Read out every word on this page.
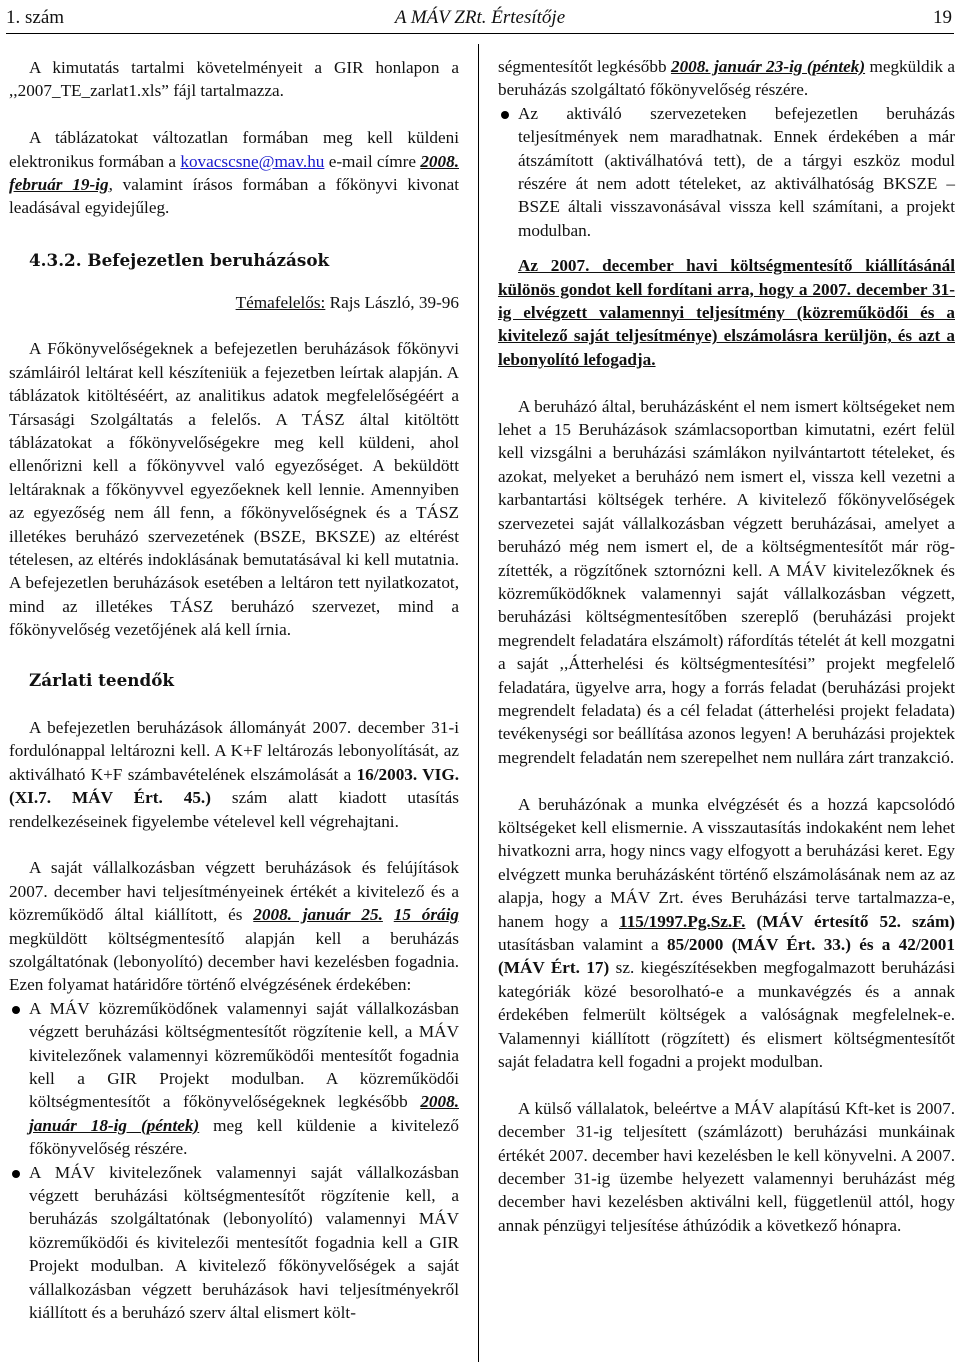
1. szám	A MÁV ZRt. Értesítője	19

A kimutatás tartalmi követelményeit a GIR honlapon a ,,2007_TE_zarlat1.xls” fájl tartalmazza.

A táblázatokat változatlan formában meg kell küldeni elektronikus formában a kovacscsne@mav.hu e-mail címre 2008. február 19-ig, valamint írásos formában a főkönyvi kivonat leadásával egyidejűleg.

4.3.2. Befejezetlen beruházások

Témafelelős: Rajs László, 39-96

A Főkönyvelőségeknek a befejezetlen beruházások főkönyvi számláiról leltárat kell készíteniük a fejezetben leírtak alapján. A táblázatok kitöltéséért, az analitikus adatok megfelelőségéért a Társasági Szolgáltatás a felelős. A TÁSZ által kitöltött táblázatokat a főkönyvelőségekre meg kell küldeni, ahol ellenőrizni kell a főkönyvvel való egyezőséget. A beküldött leltáraknak a főkönyvvel egyezőeknek kell lennie. Amennyiben az egyezőség nem áll fenn, a főkönyvelőségnek és a TÁSZ illetékes beruházó szervezetének (BSZE, BKSZE) az eltérést tételesen, az eltérés indoklásának bemutatásával ki kell mutatnia. A befejezetlen beruházások esetében a leltáron tett nyilatkozatot, mind az illetékes TÁSZ beruházó szervezet, mind a főkönyvelőség vezetőjének alá kell írnia.

Zárlati teendők

A befejezetlen beruházások állományát 2007. december 31-i fordulónappal leltározni kell. A K+F leltározás lebonyolítását, az aktiválható K+F számbavételének elszámolását a 16/2003. VIG. (XI.7. MÁV Ért. 45.) szám alatt kiadott utasítás rendelkezéseinek figyelembe vételevel kell végrehajtani.

A saját vállalkozásban végzett beruházások és felújítások 2007. december havi teljesítményeinek értékét a kivitelező és a közreműködő által kiállított, és 2008. január 25. 15 óráig megküldött költségmentesítő alapján kell a beruházás szolgáltatónak (lebonyolító) december havi kezelésben fogadnia. Ezen folyamat határidőre történő elvégzésének érdekében:

A MÁV közreműködőnek valamennyi saját vállalkozásban végzett beruházási költségmentesítőt rögzítenie kell, a MÁV kivitelezőnek valamennyi közreműködői mentesítőt fogadnia kell a GIR Projekt modulban. A közreműködői költségmentesítőt a főkönyvelőségeknek legkésőbb 2008. január 18-ig (péntek) meg kell küldenie a kivitelező főkönyvelőség részére.

A MÁV kivitelezőnek valamennyi saját vállalkozásban végzett beruházási költségmentesítőt rögzítenie kell, a beruházás szolgáltatónak (lebonyolító) valamennyi MÁV közreműködői és kivitelezői mentesítőt fogadnia kell a GIR Projekt modulban. A kivitelező főkönyvelőségek a saját vállalkozásban végzett beruházások havi teljesítményekről kiállított és a beruházó szerv által elismert költ-

ségmentesítőt legkésőbb 2008. január 23-ig (péntek) megküldik a beruházás szolgáltató főkönyvelőség részére.

Az aktiváló szervezeteken befejezetlen beruházás teljesítmények nem maradhatnak. Ennek érdekében a már átszámított (aktiválhatóvá tett), de a tárgyi eszköz modul részére át nem adott tételeket, az aktiválhatóság BKSZE – BSZE általi visszavonásával vissza kell számítani, a projekt modulban.

Az 2007. december havi költségmentesítő kiállításánál különös gondot kell fordítani arra, hogy a 2007. december 31-ig elvégzett valamennyi teljesítmény (közreműködői és a kivitelező saját teljesítménye) elszámolásra kerüljön, és azt a lebonyolító lefogadja.

A beruházó által, beruházásként el nem ismert költségeket nem lehet a 15 Beruházások számlacsoportban kimutatni, ezért felül kell vizsgálni a beruházási számlákon nyilvántartott tételeket, és azokat, melyeket a beruházó nem ismert el, vissza kell vezetni a karbantartási költségek terhére. A kivitelező főkönyvelőségek szervezetei saját vállalkozásban végzett beruházásai, amelyet a beruházó még nem ismert el, de a költségmentesítőt már rögzítették, a rögzítőnek sztornózni kell. A MÁV kivitelezőknek és közreműködőknek valamennyi saját vállalkozásban végzett, beruházási költségmentesítőben szereplő (beruházási projekt megrendelt feladatára elszámolt) ráfordítás tételét át kell mozgatni a saját ,,Átterhelési és költségmentesítési” projekt megfelelő feladatára, ügyelve arra, hogy a forrás feladat (beruházási projekt megrendelt feladata) és a cél feladat (átterhelési projekt feladata) tevékenységi sor beállítása azonos legyen! A beruházási projektek megrendelt feladatán nem szerepelhet nem nullára zárt tranzakció.

A beruházónak a munka elvégzését és a hozzá kapcsolódó költségeket kell elismernie. A visszautasítás indokaként nem lehet hivatkozni arra, hogy nincs vagy elfogyott a beruházási keret. Egy elvégzett munka beruházásként történő elszámolásának nem az az alapja, hogy a MÁV Zrt. éves Beruházási terve tartalmazza-e, hanem hogy a 115/1997.Pg.Sz.F. (MÁV értesítő 52. szám) utasításban valamint a 85/2000 (MÁV Ért. 33.) és a 42/2001 (MÁV Ért. 17) sz. kiegészítésekben megfogalmazott beruházási kategóriák közé besorolható-e a munkavégzés és a annak érdekében felmerült költségek a valóságnak megfelelnek-e. Valamennyi kiállított (rögzített) és elismert költségmentesítőt saját feladatra kell fogadni a projekt modulban.

A külső vállalatok, beleértve a MÁV alapítású Kft-ket is 2007. december 31-ig teljesített (számlázott) beruházási munkáinak értékét 2007. december havi kezelésben le kell könyvelni. A 2007. december 31-ig üzembe helyezett valamennyi beruházást még december havi kezelésben aktiválni kell, függetlenül attól, hogy annak pénzügyi teljesítése áthúzódik a következő hónapra.
